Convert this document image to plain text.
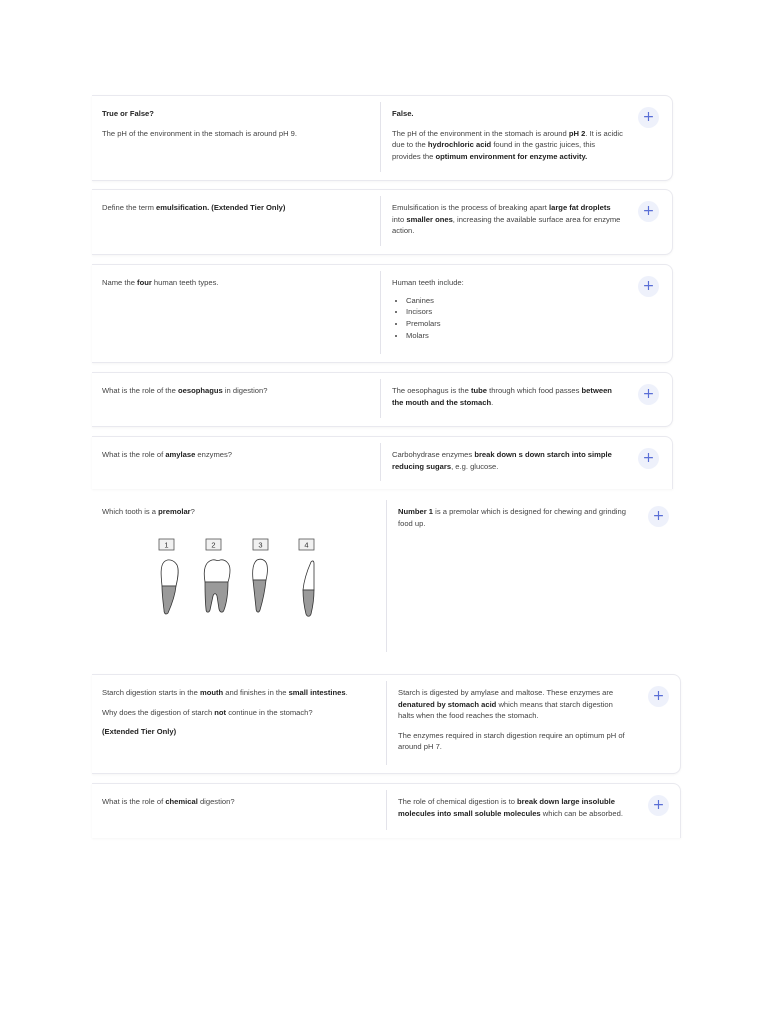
True or False?

The pH of the environment in the stomach is around pH 9.

False.

The pH of the environment in the stomach is around pH 2. It is acidic due to the hydrochloric acid found in the gastric juices, this provides the optimum environment for enzyme activity.

+

Define the term emulsification. (Extended Tier Only)	Emulsification is the process of breaking apart large fat droplets into smaller ones, increasing the available surface area for enzyme action.

+

Name the four human teeth types.	Human teeth include:

• Canines
• Incisors
• Premolars
• Molars
+

What is the role of the oesophagus in digestion?	The oesophagus is the tube through which food passes between the mouth and the stomach.	+

What is the role of amylase enzymes?	Carbohydrase enzymes break down s down starch into simple reducing sugars, e.g. glucose.	+

Which tooth is a premolar?

1	2	3	4

Number 1 is a premolar which is designed for chewing and grinding food up.	+

Starch digestion starts in the mouth and finishes in the small intestines.

Why does the digestion of starch not continue in the stomach?

(Extended Tier Only)

Starch is digested by amylase and maltose. These enzymes are denatured by stomach acid which means that starch digestion halts when the food reaches the stomach.

The enzymes required in starch digestion require an optimum pH of around pH 7.

+

What is the role of chemical digestion?	The role of chemical digestion is to break down large insoluble molecules into small soluble molecules which can be absorbed.	+
